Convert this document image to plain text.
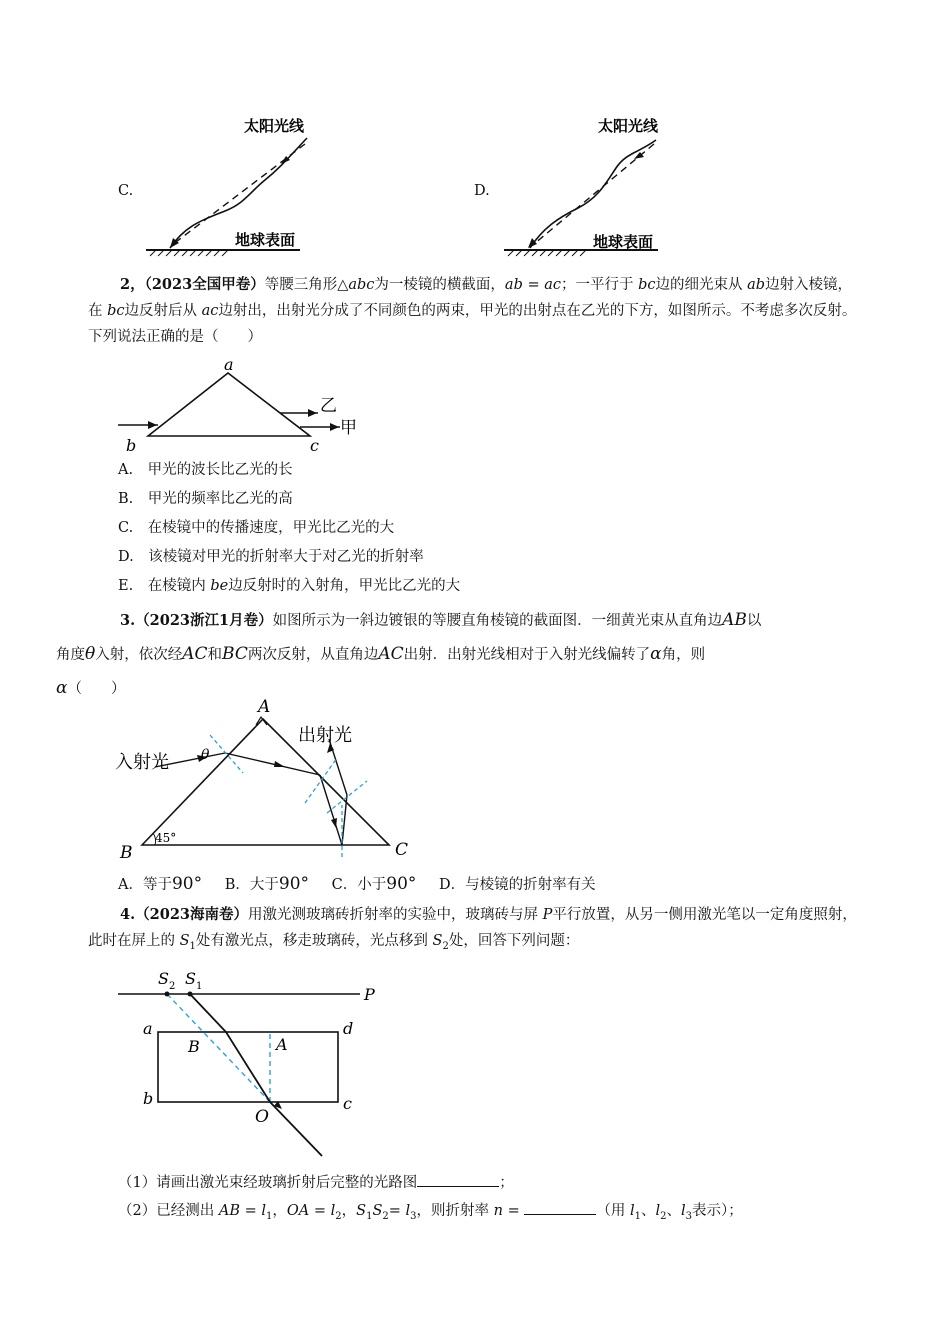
C.
太阳光线
地球表面
D.
太阳光线
地球表面
2，（2023全国甲卷）等腰三角形△abc为一棱镜的横截面，ab = ac；一平行于 bc边的细光束从 ab边射入棱镜，在 bc边反射后从 ac边射出，出射光分成了不同颜色的两束，甲光的出射点在乙光的下方，如图所示。不考虑多次反射。下列说法正确的是（　　）
a
b	c
乙
甲
A.　甲光的波长比乙光的长
B.　甲光的频率比乙光的高
C.　在棱镜中的传播速度，甲光比乙光的大
D.　该棱镜对甲光的折射率大于对乙光的折射率
E.　在棱镜内 be边反射时的入射角，甲光比乙光的大
3.（2023浙江1月卷）如图所示为一斜边镀银的等腰直角棱镜的截面图．一细黄光束从直角边AB以
角度θ入射，依次经AC和BC两次反射，从直角边AC出射．出射光线相对于入射光线偏转了α角，则
α（　　）
A
B	C
入射光
出射光
θ
45°
A．等于90° B．大于90° C．小于90° D．与棱镜的折射率有关
4.（2023海南卷）用激光测玻璃砖折射率的实验中，玻璃砖与屏 P平行放置，从另一侧用激光笔以一定角度照射，此时在屏上的 $S_1$处有激光点，移走玻璃砖，光点移到 $S_2$处，回答下列问题：
S 2 S 1	P
a	d
B	A
b	c
O
（1）请画出激光束经玻璃折射后完整的光路图	；
（2）已经测出 AB = $l_1$，OA = $l_2$，$S_1S_2= l_3$，则折射率 n =	（用 $l_1$、$l_2$、$l_3$表示）；
